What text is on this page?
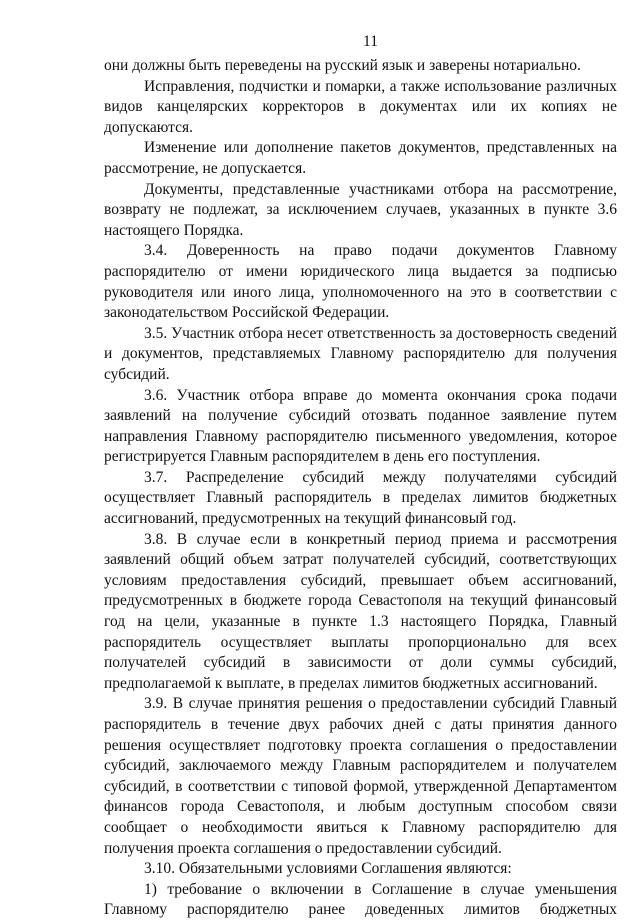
11

они должны быть переведены на русский язык и заверены нотариально.

Исправления, подчистки и помарки, а также использование различных видов канцелярских корректоров в документах или их копиях не допускаются.

Изменение или дополнение пакетов документов, представленных на рассмотрение, не допускается.

Документы, представленные участниками отбора на рассмотрение, возврату не подлежат, за исключением случаев, указанных в пункте 3.6 настоящего Порядка.

3.4. Доверенность на право подачи документов Главному распорядителю от имени юридического лица выдается за подписью руководителя или иного лица, уполномоченного на это в соответствии с законодательством Российской Федерации.

3.5. Участник отбора несет ответственность за достоверность сведений и документов, представляемых Главному распорядителю для получения субсидий.

3.6. Участник отбора вправе до момента окончания срока подачи заявлений на получение субсидий отозвать поданное заявление путем направления Главному распорядителю письменного уведомления, которое регистрируется Главным распорядителем в день его поступления.

3.7. Распределение субсидий между получателями субсидий осуществляет Главный распорядитель в пределах лимитов бюджетных ассигнований, предусмотренных на текущий финансовый год.

3.8. В случае если в конкретный период приема и рассмотрения заявлений общий объем затрат получателей субсидий, соответствующих условиям предоставления субсидий, превышает объем ассигнований, предусмотренных в бюджете города Севастополя на текущий финансовый год на цели, указанные в пункте 1.3 настоящего Порядка, Главный распорядитель осуществляет выплаты пропорционально для всех получателей субсидий в зависимости от доли суммы субсидий, предполагаемой к выплате, в пределах лимитов бюджетных ассигнований.

3.9. В случае принятия решения о предоставлении субсидий Главный распорядитель в течение двух рабочих дней с даты принятия данного решения осуществляет подготовку проекта соглашения о предоставлении субсидий, заключаемого между Главным распорядителем и получателем субсидий, в соответствии с типовой формой, утвержденной Департаментом финансов города Севастополя, и любым доступным способом связи сообщает о необходимости явиться к Главному распорядителю для получения проекта соглашения о предоставлении субсидий.

3.10. Обязательными условиями Соглашения являются:

1) требование о включении в Соглашение в случае уменьшения Главному распорядителю ранее доведенных лимитов бюджетных
